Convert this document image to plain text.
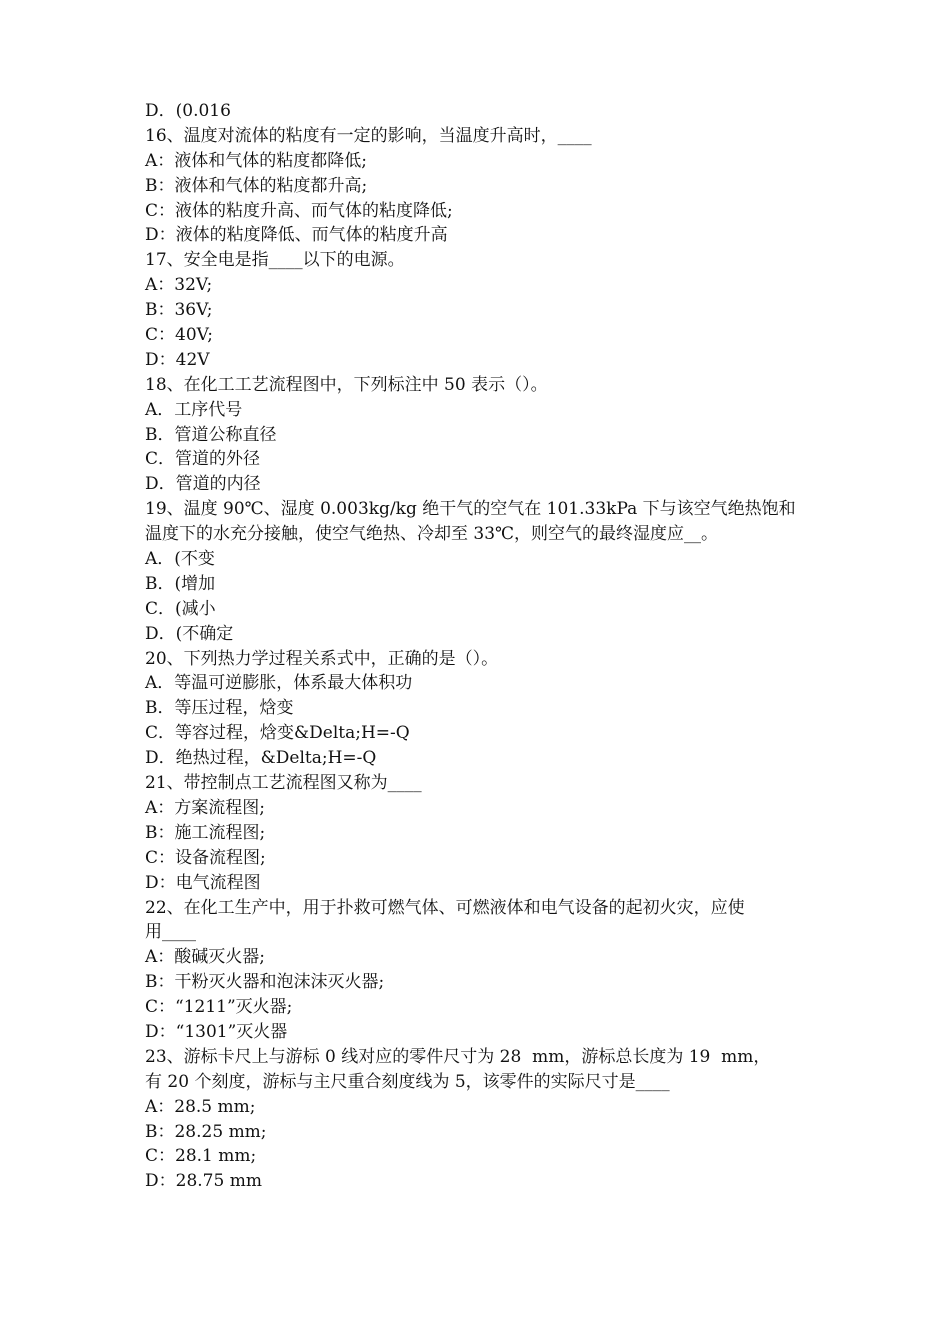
D．(0.016
16、温度对流体的粘度有一定的影响，当温度升高时，____
A：液体和气体的粘度都降低;
B：液体和气体的粘度都升高;
C：液体的粘度升高、而气体的粘度降低;
D：液体的粘度降低、而气体的粘度升高
17、安全电是指____以下的电源。
A：32V;
B：36V;
C：40V;
D：42V
18、在化工工艺流程图中，下列标注中 50 表示（）。
A．工序代号
B．管道公称直径
C．管道的外径
D．管道的内径
19、温度 90℃、湿度 0.003kg/kg 绝干气的空气在 101.33kPa 下与该空气绝热饱和
温度下的水充分接触，使空气绝热、冷却至 33℃，则空气的最终湿度应__。
A．(不变
B．(增加
C．(减小
D．(不确定
20、下列热力学过程关系式中，正确的是（）。
A．等温可逆膨胀，体系最大体积功
B．等压过程，焓变
C．等容过程，焓变&Delta;H=-Q
D．绝热过程，&Delta;H=-Q
21、带控制点工艺流程图又称为____
A：方案流程图;
B：施工流程图;
C：设备流程图;
D：电气流程图
22、在化工生产中，用于扑救可燃气体、可燃液体和电气设备的起初火灾，应使
用____
A：酸碱灭火器;
B：干粉灭火器和泡沫沫灭火器;
C：“1211”灭火器;
D：“1301”灭火器
23、游标卡尺上与游标 0 线对应的零件尺寸为 28  mm，游标总长度为 19  mm，
有 20 个刻度，游标与主尺重合刻度线为 5，该零件的实际尺寸是____
A：28.5 mm;
B：28.25 mm;
C：28.1 mm;
D：28.75 mm
